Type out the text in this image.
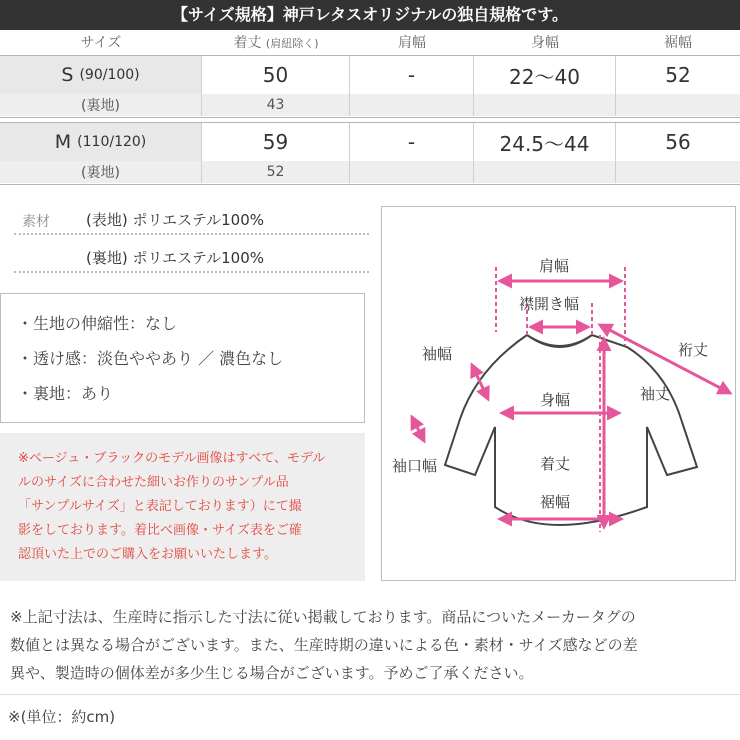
【サイズ規格】神戸レタスオリジナルの独自規格です。
サイズ	着丈 (肩紐除く)	肩幅	身幅	裾幅
S
(90/100)	50	-	22〜40	52
(裏地)	43
M
(110/120)	59	-	24.5〜44	56
(裏地)	52
素材 (表地) ポリエステル100%
(裏地) ポリエステル100%
・生地の伸縮性：なし
・透け感：淡色ややあり ／ 濃色なし
・裏地：あり
※ベージュ・ブラックのモデル画像はすべて、モデル
ルのサイズに合わせた細いお作りのサンプル品
「サンプルサイズ」と表記しております）にて撮
影をしております。着比べ画像・サイズ表をご確
認頂いた上でのご購入をお願いいたします。
肩幅
襟開き幅
袖幅	裄丈
袖丈
身幅
袖口幅	着丈
裾幅
※上記寸法は、生産時に指示した寸法に従い掲載しております。商品についたメーカータグの
数値とは異なる場合がございます。また、生産時期の違いによる色・素材・サイズ感などの差
異や、製造時の個体差が多少生じる場合がございます。予めご了承ください。
※(単位：約cm)
